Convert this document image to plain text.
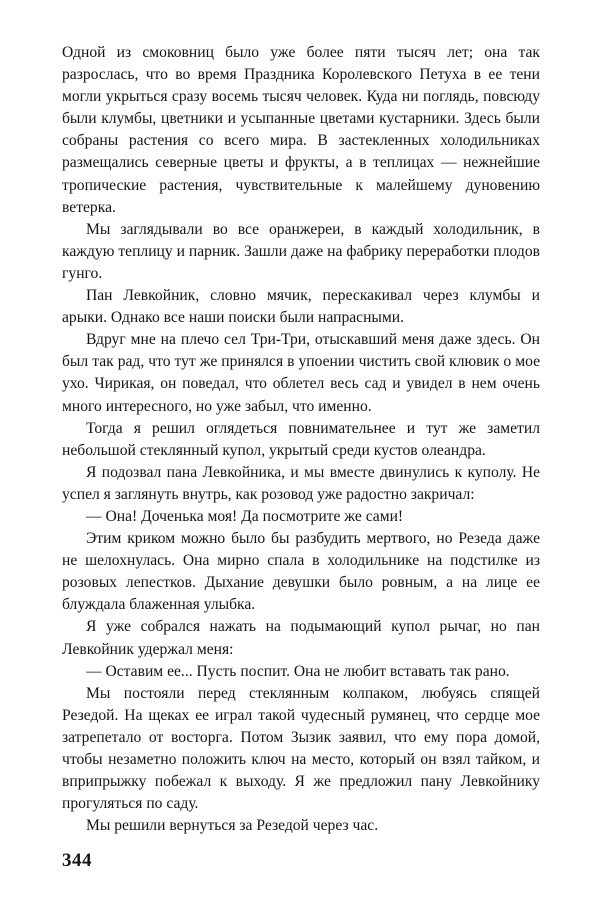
Одной из смоковниц было уже более пяти тысяч лет; она так разрослась, что во время Праздника Королевского Петуха в ее тени могли укрыться сразу восемь тысяч человек. Куда ни поглядь, повсюду были клумбы, цветники и усыпанные цветами кустарники. Здесь были собраны растения со всего мира. В застекленных холодильниках размещались северные цветы и фрукты, а в теплицах — нежнейшие тропические растения, чувствительные к малейшему дуновению ветерка.

Мы заглядывали во все оранжереи, в каждый холодильник, в каждую теплицу и парник. Зашли даже на фабрику переработки плодов гунго.

Пан Левкойник, словно мячик, перескакивал через клумбы и арыки. Однако все наши поиски были напрасными.

Вдруг мне на плечо сел Три-Три, отыскавший меня даже здесь. Он был так рад, что тут же принялся в упоении чистить свой клювик о мое ухо. Чирикая, он поведал, что облетел весь сад и увидел в нем очень много интересного, но уже забыл, что именно.

Тогда я решил оглядеться повнимательнее и тут же заметил небольшой стеклянный купол, укрытый среди кустов олеандра.

Я подозвал пана Левкойника, и мы вместе двинулись к куполу. Не успел я заглянуть внутрь, как розовод уже радостно закричал:

— Она! Доченька моя! Да посмотрите же сами!

Этим криком можно было бы разбудить мертвого, но Резеда даже не шелохнулась. Она мирно спала в холодильнике на подстилке из розовых лепестков. Дыхание девушки было ровным, а на лице ее блуждала блаженная улыбка.

Я уже собрался нажать на подымающий купол рычаг, но пан Левкойник удержал меня:

— Оставим ее... Пусть поспит. Она не любит вставать так рано.

Мы постояли перед стеклянным колпаком, любуясь спящей Резедой. На щеках ее играл такой чудесный румянец, что сердце мое затрепетало от восторга. Потом Зызик заявил, что ему пора домой, чтобы незаметно положить ключ на место, который он взял тайком, и вприпрыжку побежал к выходу. Я же предложил пану Левкойнику прогуляться по саду.

Мы решили вернуться за Резедой через час.

344
